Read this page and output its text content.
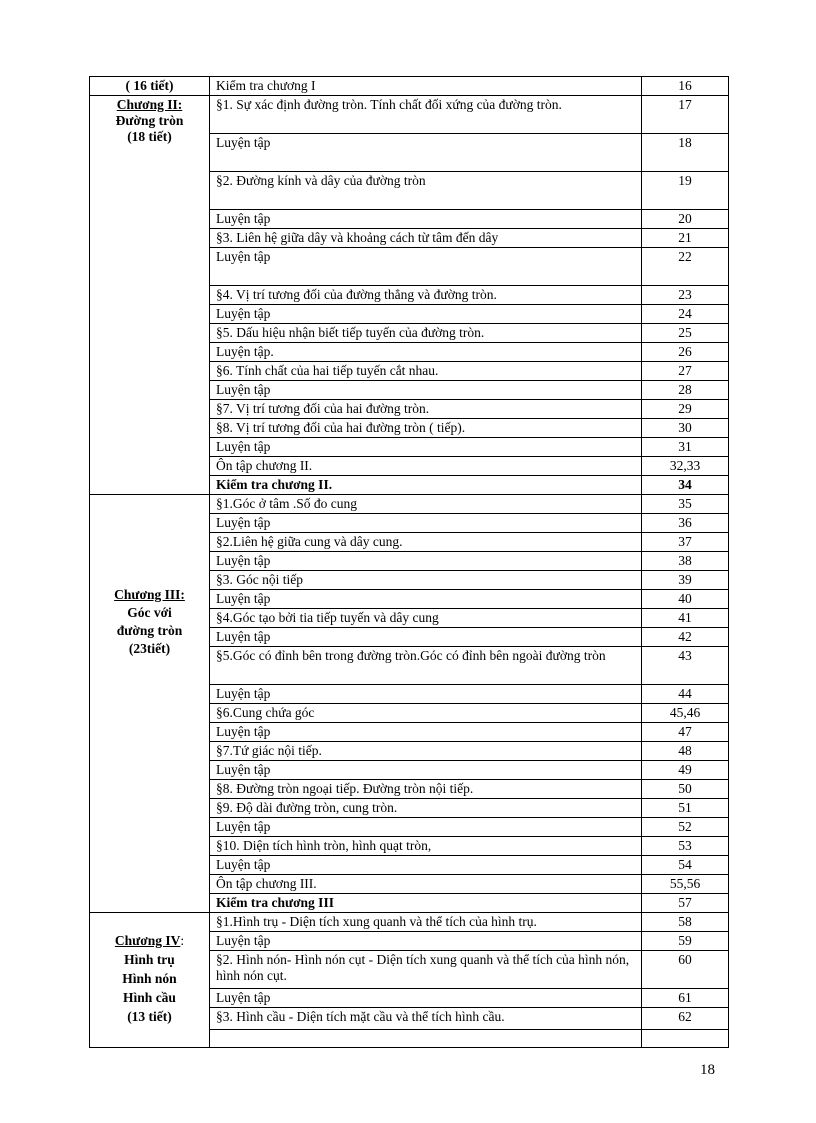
( 16 tiết)	Kiểm tra chương I	16

Chương II:
Đường tròn
(18 tiết)	§1. Sự xác định đường tròn. Tính chất đối xứng của đường tròn.	17
	Luyện tập	18
	§2. Đường kính và dây của đường tròn	19
	Luyện tập	20
	§3. Liên hệ giữa dây và khoảng cách từ tâm đến dây	21
	Luyện tập	22
	§4. Vị trí tương đối của đường thẳng và đường tròn.	23
	Luyện tập	24
	§5. Dấu hiệu nhận biết tiếp tuyến của đường tròn.	25
	Luyện tập.	26
	§6. Tính chất của hai tiếp tuyến cắt nhau.	27
	Luyện tập	28
	§7. Vị trí tương đối của hai đường tròn.	29
	§8. Vị trí tương đối của hai đường tròn ( tiếp).	30
	Luyện tập	31
	Ôn tập chương II.	32,33
	Kiểm tra chương II.	34

Chương III:
Góc với
đường tròn
(23tiết)	§1.Góc ở tâm .Số đo cung	35
	Luyện tập	36
	§2.Liên hệ giữa cung và dây cung.	37
	Luyện tập	38
	§3. Góc nội tiếp	39
	Luyện tập	40
	§4.Góc tạo bởi tia tiếp tuyến và dây cung	41
	Luyện tập	42
	§5.Góc có đỉnh bên trong đường tròn.Góc có đỉnh bên ngoài đường tròn	43
	Luyện tập	44
	§6.Cung chứa góc	45,46
	Luyện tập	47
	§7.Tứ giác nội tiếp.	48
	Luyện tập	49
	§8. Đường tròn ngoại tiếp. Đường tròn nội tiếp.	50
	§9. Độ dài đường tròn, cung tròn.	51
	Luyện tập	52
	§10. Diện tích hình tròn, hình quạt tròn,	53
	Luyện tập	54
	Ôn tập chương III.	55,56
	Kiểm tra chương III	57

Chương IV:
Hình trụ
Hình nón
Hình cầu
(13 tiết)	§1.Hình trụ - Diện tích xung quanh và thể tích của hình trụ.	58
	Luyện tập	59
	§2. Hình nón- Hình nón cụt - Diện tích xung quanh và thể tích của hình nón, hình nón cụt.	60
	Luyện tập	61
	§3. Hình cầu - Diện tích mặt cầu và thể tích hình cầu.	62

18
